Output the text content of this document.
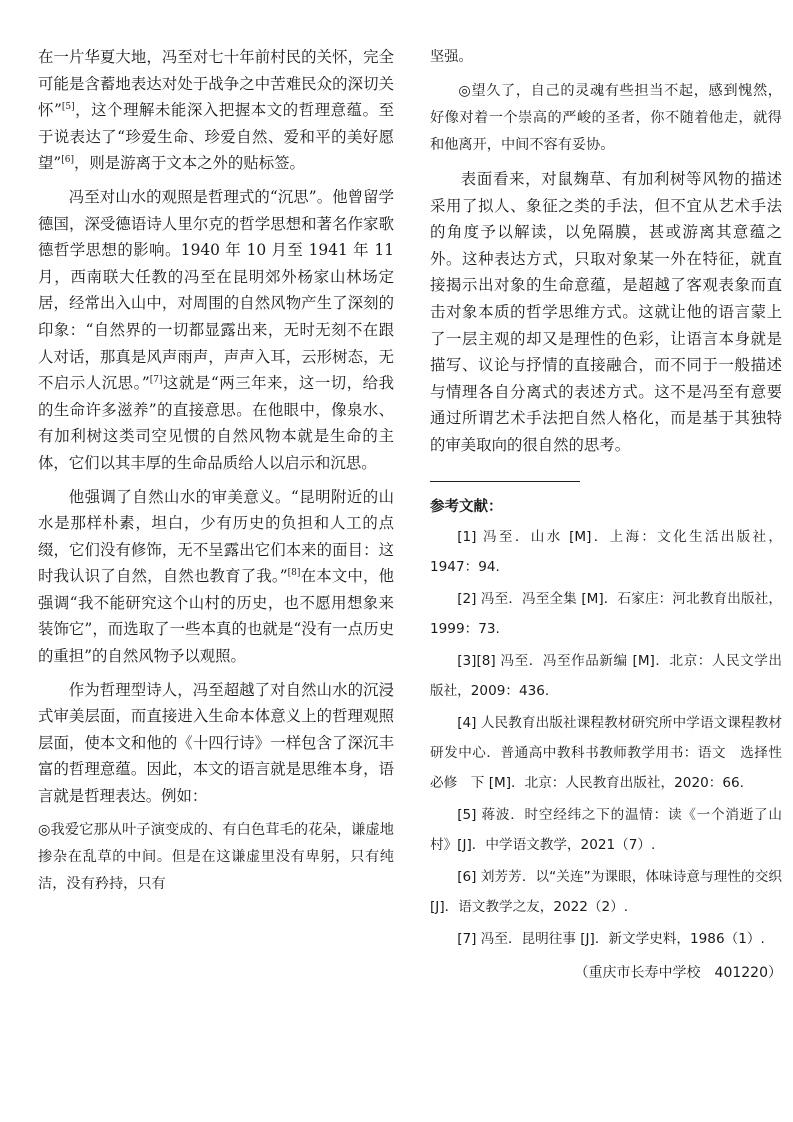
在一片华夏大地，冯至对七十年前村民的关怀，完全可能是含蓄地表达对处于战争之中苦难民众的深切关怀”[5]，这个理解未能深入把握本文的哲理意蕴。至于说表达了“珍爱生命、珍爱自然、爱和平的美好愿望”[6]，则是游离于文本之外的贴标签。

冯至对山水的观照是哲理式的“沉思”。他曾留学德国，深受德语诗人里尔克的哲学思想和著名作家歌德哲学思想的影响。1940 年 10 月至 1941 年 11 月，西南联大任教的冯至在昆明郊外杨家山林场定居，经常出入山中，对周围的自然风物产生了深刻的印象：“自然界的一切都显露出来，无时无刻不在跟人对话，那真是风声雨声，声声入耳，云形树态，无不启示人沉思。”[7]这就是“两三年来，这一切，给我的生命许多滋养”的直接意思。在他眼中，像泉水、有加利树这类司空见惯的自然风物本就是生命的主体，它们以其丰厚的生命品质给人以启示和沉思。

他强调了自然山水的审美意义。“昆明附近的山水是那样朴素，坦白，少有历史的负担和人工的点缀，它们没有修饰，无不呈露出它们本来的面目：这时我认识了自然，自然也教育了我。”[8]在本文中，他强调“我不能研究这个山村的历史，也不愿用想象来装饰它”，而选取了一些本真的也就是“没有一点历史的重担”的自然风物予以观照。

作为哲理型诗人，冯至超越了对自然山水的沉浸式审美层面，而直接进入生命本体意义上的哲理观照层面，使本文和他的《十四行诗》一样包含了深沉丰富的哲理意蕴。因此，本文的语言就是思维本身，语言就是哲理表达。例如：

◎我爱它那从叶子演变成的、有白色茸毛的花朵，谦虚地掺杂在乱草的中间。但是在这谦虚里没有卑躬，只有纯洁，没有矜持，只有

坚强。

◎望久了，自己的灵魂有些担当不起，感到愧然，好像对着一个崇高的严峻的圣者，你不随着他走，就得和他离开，中间不容有妥协。

表面看来，对鼠麹草、有加利树等风物的描述采用了拟人、象征之类的手法，但不宜从艺术手法的角度予以解读，以免隔膜，甚或游离其意蕴之外。这种表达方式，只取对象某一外在特征，就直接揭示出对象的生命意蕴，是超越了客观表象而直击对象本质的哲学思维方式。这就让他的语言蒙上了一层主观的却又是理性的色彩，让语言本身就是描写、议论与抒情的直接融合，而不同于一般描述与情理各自分离式的表述方式。这不是冯至有意要通过所谓艺术手法把自然人格化，而是基于其独特的审美取向的很自然的思考。

参考文献：

[1] 冯至．山水 [M]．上海：文化生活出版社，1947：94.

[2] 冯至．冯至全集 [M]．石家庄：河北教育出版社，1999：73.

[3][8] 冯至．冯至作品新编 [M]．北京：人民文学出版社，2009：436.

[4] 人民教育出版社课程教材研究所中学语文课程教材研发中心．普通高中教科书教师教学用书：语文　选择性必修　下 [M]．北京：人民教育出版社，2020：66.

[5] 蒋波．时空经纬之下的温情：读《一个消逝了山村》[J]．中学语文教学，2021（7）.

[6] 刘芳芳．以“关连”为课眼，体味诗意与理性的交织 [J]．语文教学之友，2022（2）.

[7] 冯至．昆明往事 [J]．新文学史料，1986（1）.

（重庆市长寿中学校　401220）
